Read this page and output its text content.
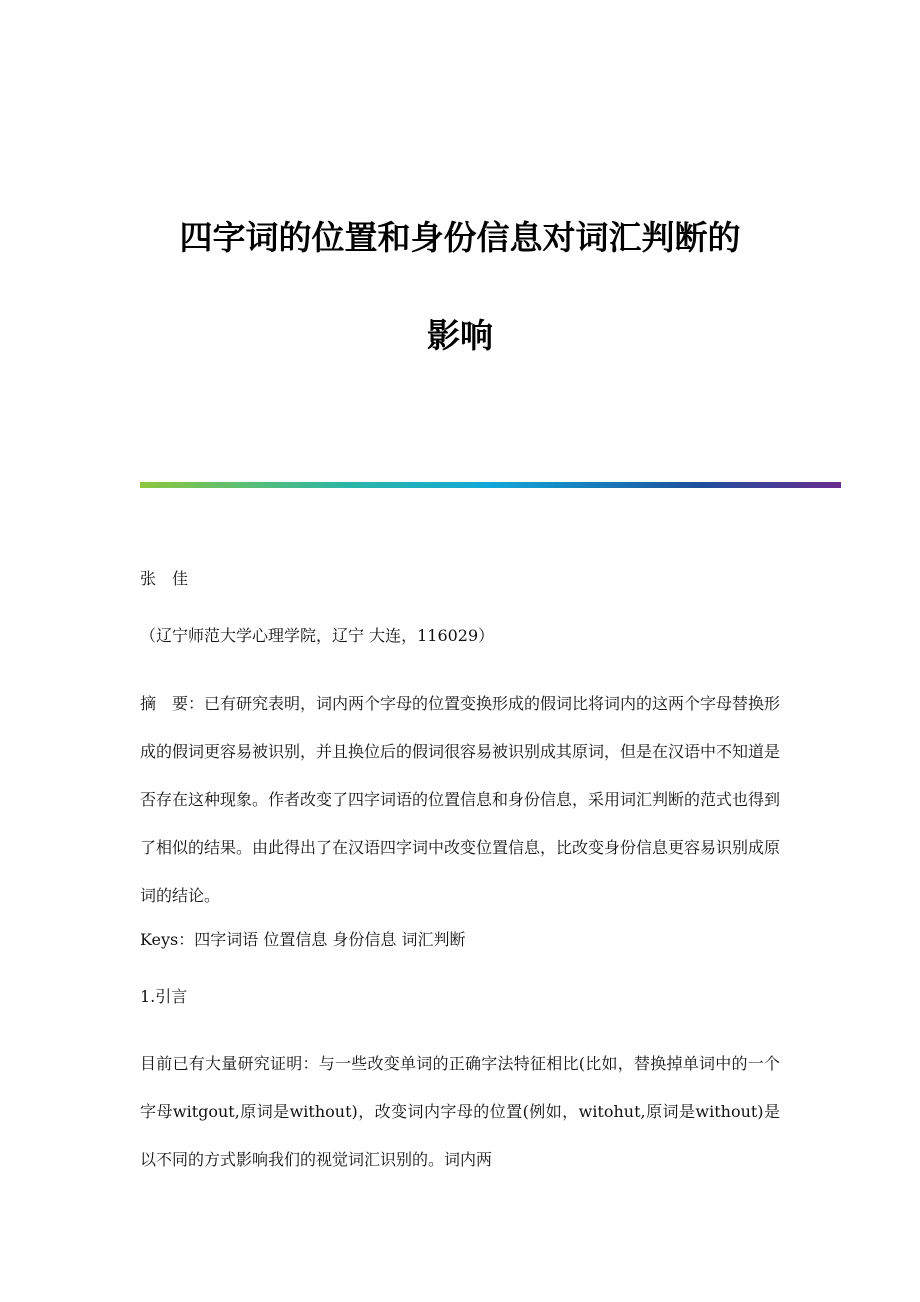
四字词的位置和身份信息对词汇判断的

影响

张　佳

（辽宁师范大学心理学院，辽宁 大连，116029）

摘　要：已有研究表明，词内两个字母的位置变换形成的假词比将词内的这两个字母替换形成的假词更容易被识别，并且换位后的假词很容易被识别成其原词，但是在汉语中不知道是否存在这种现象。作者改变了四字词语的位置信息和身份信息，采用词汇判断的范式也得到了相似的结果。由此得出了在汉语四字词中改变位置信息，比改变身份信息更容易识别成原词的结论。

Keys：四字词语 位置信息 身份信息 词汇判断

1.引言

目前已有大量研究证明：与一些改变单词的正确字法特征相比(比如，替换掉单词中的一个字母witgout,原词是without)，改变词内字母的位置(例如，witohut,原词是without)是以不同的方式影响我们的视觉词汇识别的。词内两
